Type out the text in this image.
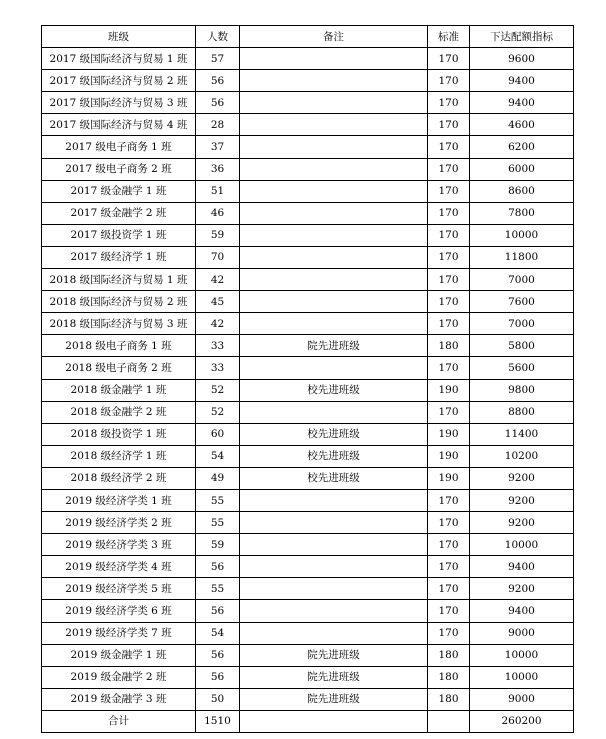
班级	人数	备注	标准	下达配额指标
2017 级国际经济与贸易 1 班	57		170	9600
2017 级国际经济与贸易 2 班	56		170	9400
2017 级国际经济与贸易 3 班	56		170	9400
2017 级国际经济与贸易 4 班	28		170	4600
2017 级电子商务 1 班	37		170	6200
2017 级电子商务 2 班	36		170	6000
2017 级金融学 1 班	51		170	8600
2017 级金融学 2 班	46		170	7800
2017 级投资学 1 班	59		170	10000
2017 级经济学 1 班	70		170	11800
2018 级国际经济与贸易 1 班	42		170	7000
2018 级国际经济与贸易 2 班	45		170	7600
2018 级国际经济与贸易 3 班	42		170	7000
2018 级电子商务 1 班	33	院先进班级	180	5800
2018 级电子商务 2 班	33		170	5600
2018 级金融学 1 班	52	校先进班级	190	9800
2018 级金融学 2 班	52		170	8800
2018 级投资学 1 班	60	校先进班级	190	11400
2018 级经济学 1 班	54	校先进班级	190	10200
2018 级经济学 2 班	49	校先进班级	190	9200
2019 级经济学类 1 班	55		170	9200
2019 级经济学类 2 班	55		170	9200
2019 级经济学类 3 班	59		170	10000
2019 级经济学类 4 班	56		170	9400
2019 级经济学类 5 班	55		170	9200
2019 级经济学类 6 班	56		170	9400
2019 级经济学类 7 班	54		170	9000
2019 级金融学 1 班	56	院先进班级	180	10000
2019 级金融学 2 班	56	院先进班级	180	10000
2019 级金融学 3 班	50	院先进班级	180	9000
合计	1510			260200
